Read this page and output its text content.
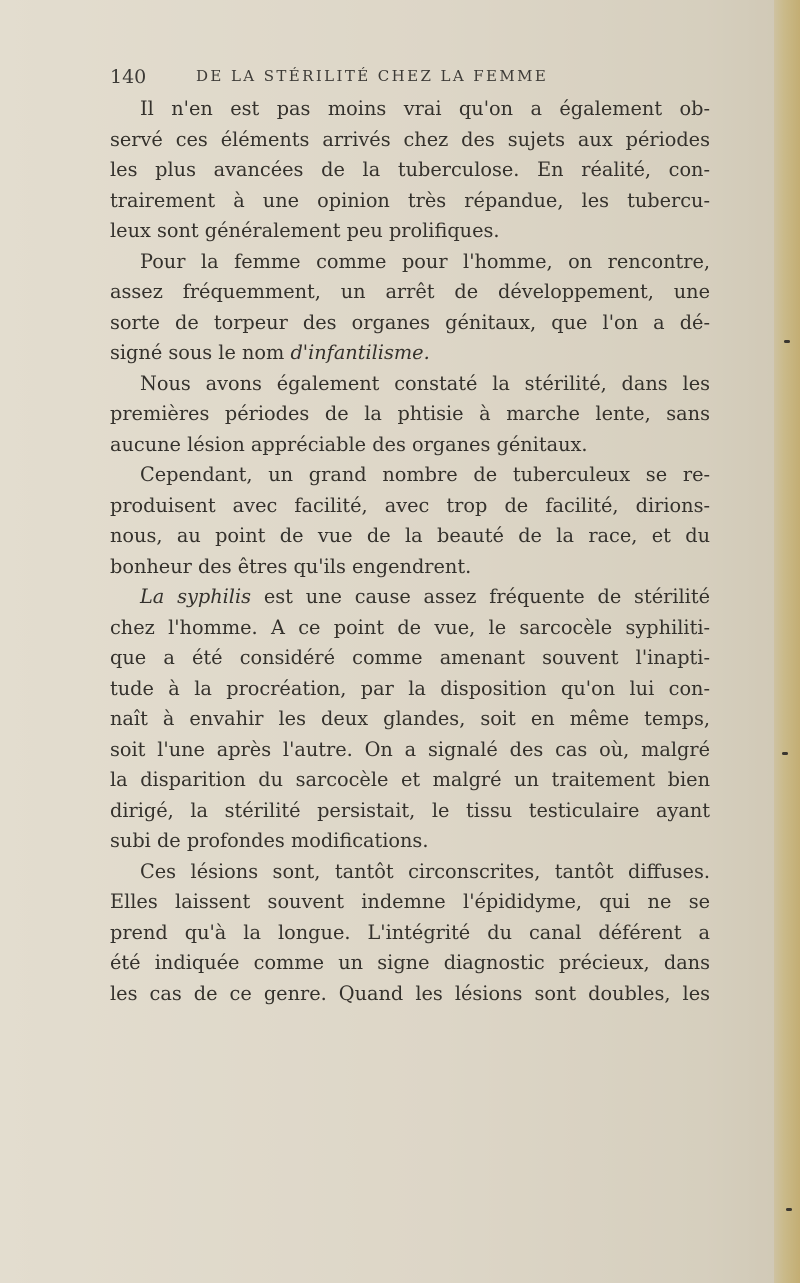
140	DE LA STÉRILITÉ CHEZ LA FEMME
Il n'en est pas moins vrai qu'on a également ob-
servé ces éléments arrivés chez des sujets aux périodes
les plus avancées de la tuberculose. En réalité, con-
trairement à une opinion très répandue, les tubercu-
leux sont généralement peu prolifiques.
Pour la femme comme pour l'homme, on rencontre,
assez fréquemment, un arrêt de développement, une
sorte de torpeur des organes génitaux, que l'on a dé-
signé sous le nom d'infantilisme.
Nous avons également constaté la stérilité, dans les
premières périodes de la phtisie à marche lente, sans
aucune lésion appréciable des organes génitaux.
Cependant, un grand nombre de tuberculeux se re-
produisent avec facilité, avec trop de facilité, dirions-
nous, au point de vue de la beauté de la race, et du
bonheur des êtres qu'ils engendrent.
La syphilis est une cause assez fréquente de stérilité
chez l'homme. A ce point de vue, le sarcocèle syphiliti-
que a été considéré comme amenant souvent l'inapti-
tude à la procréation, par la disposition qu'on lui con-
naît à envahir les deux glandes, soit en même temps,
soit l'une après l'autre. On a signalé des cas où, malgré
la disparition du sarcocèle et malgré un traitement bien
dirigé, la stérilité persistait, le tissu testiculaire ayant
subi de profondes modifications.
Ces lésions sont, tantôt circonscrites, tantôt diffuses.
Elles laissent souvent indemne l'épididyme, qui ne se
prend qu'à la longue. L'intégrité du canal déférent a
été indiquée comme un signe diagnostic précieux, dans
les cas de ce genre. Quand les lésions sont doubles, les
